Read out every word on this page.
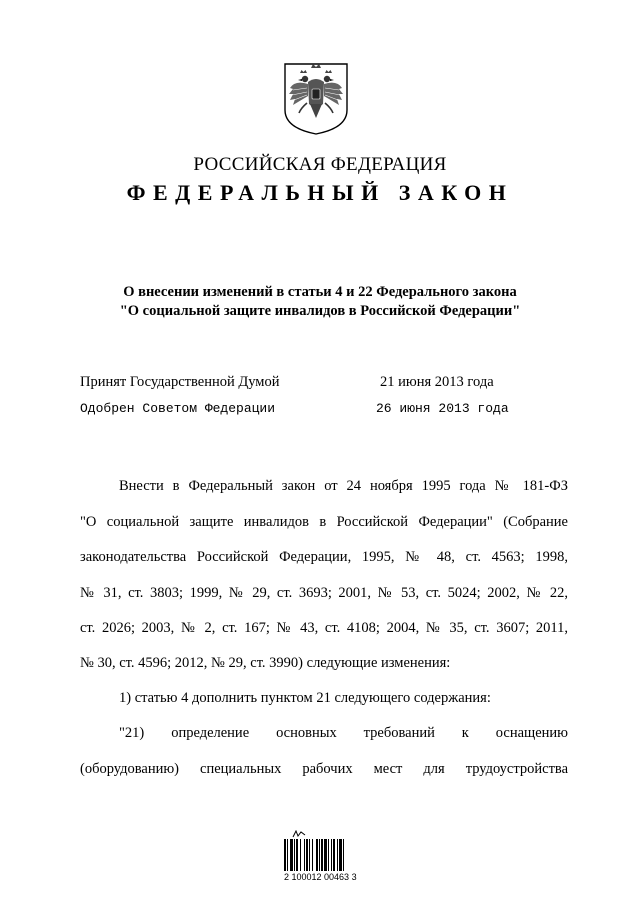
РОССИЙСКАЯ ФЕДЕРАЦИЯ
ФЕДЕРАЛЬНЫЙ ЗАКОН
О внесении изменений в статьи 4 и 22 Федерального закона
"О социальной защите инвалидов в Российской Федерации"
Принят Государственной Думой	21 июня 2013 года
Одобрен Советом Федерации	26 июня 2013 года
Внести в Федеральный закон от 24 ноября 1995 года № 181-ФЗ
"О социальной защите инвалидов в Российской Федерации" (Собрание
законодательства Российской Федерации, 1995, № 48, ст. 4563; 1998,
№ 31, ст. 3803; 1999, № 29, ст. 3693; 2001, № 53, ст. 5024; 2002, № 22,
ст. 2026; 2003, № 2, ст. 167; № 43, ст. 4108; 2004, № 35, ст. 3607; 2011,
№ 30, ст. 4596; 2012, № 29, ст. 3990) следующие изменения:
1) статью 4 дополнить пунктом 21 следующего содержания:
"21) определение основных требований к оснащению
(оборудованию) специальных рабочих мест для трудоустройства
2 100012 00463 3
